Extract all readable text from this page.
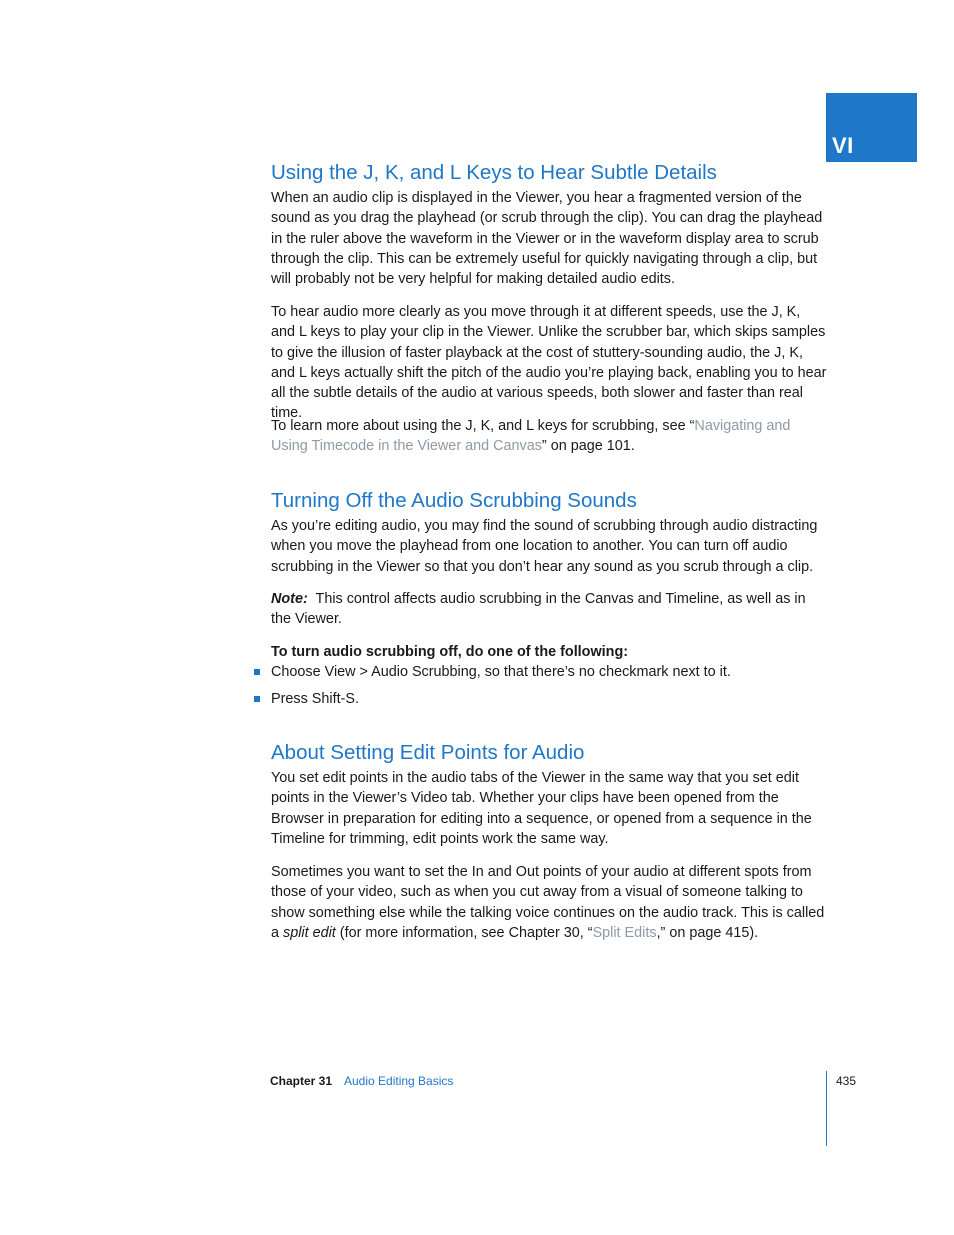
VI
Using the J, K, and L Keys to Hear Subtle Details

When an audio clip is displayed in the Viewer, you hear a fragmented version of the sound as you drag the playhead (or scrub through the clip). You can drag the playhead in the ruler above the waveform in the Viewer or in the waveform display area to scrub through the clip. This can be extremely useful for quickly navigating through a clip, but will probably not be very helpful for making detailed audio edits.

To hear audio more clearly as you move through it at different speeds, use the J, K, and L keys to play your clip in the Viewer. Unlike the scrubber bar, which skips samples to give the illusion of faster playback at the cost of stuttery-sounding audio, the J, K, and L keys actually shift the pitch of the audio you’re playing back, enabling you to hear all the subtle details of the audio at various speeds, both slower and faster than real time.

To learn more about using the J, K, and L keys for scrubbing, see “Navigating and Using Timecode in the Viewer and Canvas” on page 101.

Turning Off the Audio Scrubbing Sounds

As you’re editing audio, you may find the sound of scrubbing through audio distracting when you move the playhead from one location to another. You can turn off audio scrubbing in the Viewer so that you don’t hear any sound as you scrub through a clip.

Note: This control affects audio scrubbing in the Canvas and Timeline, as well as in the Viewer.

To turn audio scrubbing off, do one of the following:

Choose View > Audio Scrubbing, so that there’s no checkmark next to it.

Press Shift-S.

About Setting Edit Points for Audio

You set edit points in the audio tabs of the Viewer in the same way that you set edit points in the Viewer’s Video tab. Whether your clips have been opened from the Browser in preparation for editing into a sequence, or opened from a sequence in the Timeline for trimming, edit points work the same way.

Sometimes you want to set the In and Out points of your audio at different spots from those of your video, such as when you cut away from a visual of someone talking to show something else while the talking voice continues on the audio track. This is called a split edit (for more information, see Chapter 30, “Split Edits,” on page 415).

Chapter 31 Audio Editing Basics	435
